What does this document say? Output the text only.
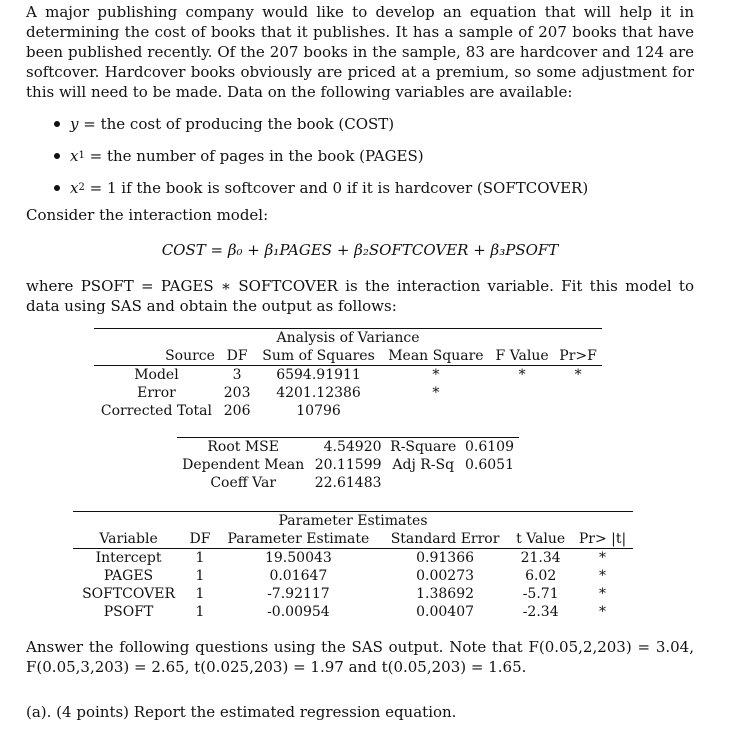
A major publishing company would like to develop an equation that will help it in determining the cost of books that it publishes. It has a sample of 207 books that have been published recently. Of the 207 books in the sample, 83 are hardcover and 124 are softcover. Hardcover books obviously are priced at a premium, so some adjustment for this will need to be made. Data on the following variables are available:

y
= the cost of producing the book (COST)
x 1
= the number of pages in the book (PAGES)
x 2
= 1 if the book is softcover and 0 if it is hardcover (SOFTCOVER)

Consider the interaction model:

COST = β₀ + β₁PAGES + β₂SOFTCOVER + β₃PSOFT

where PSOFT = PAGES ∗ SOFTCOVER is the interaction variable. Fit this model to data using SAS and obtain the output as follows:

Answer the following questions using the SAS output. Note that F(0.05,2,203) = 3.04, F(0.05,3,203) = 2.65, t(0.025,203) = 1.97 and t(0.05,203) = 1.65.

(a). (4 points) Report the estimated regression equation.

Analysis of Variance					
Source	DF	Sum of Squares	Mean Square	F Value	Pr>F
Model	3	6594.91911	*	*	*
Error	203	4201.12386	*		
Corrected Total	206	10796			
Root MSE	4.54920	R-Square	0.6109
Dependent Mean	20.11599	Adj R-Sq	0.6051
Coeff Var	22.61483		
Parameter Estimates					
Variable	DF	Parameter Estimate	Standard Error	t Value	Pr> |t|
Intercept	1	19.50043	0.91366	21.34	*
PAGES	1	0.01647	0.00273	6.02	*
SOFTCOVER	1	-7.92117	1.38692	-5.71	*
PSOFT	1	-0.00954	0.00407	-2.34	*
